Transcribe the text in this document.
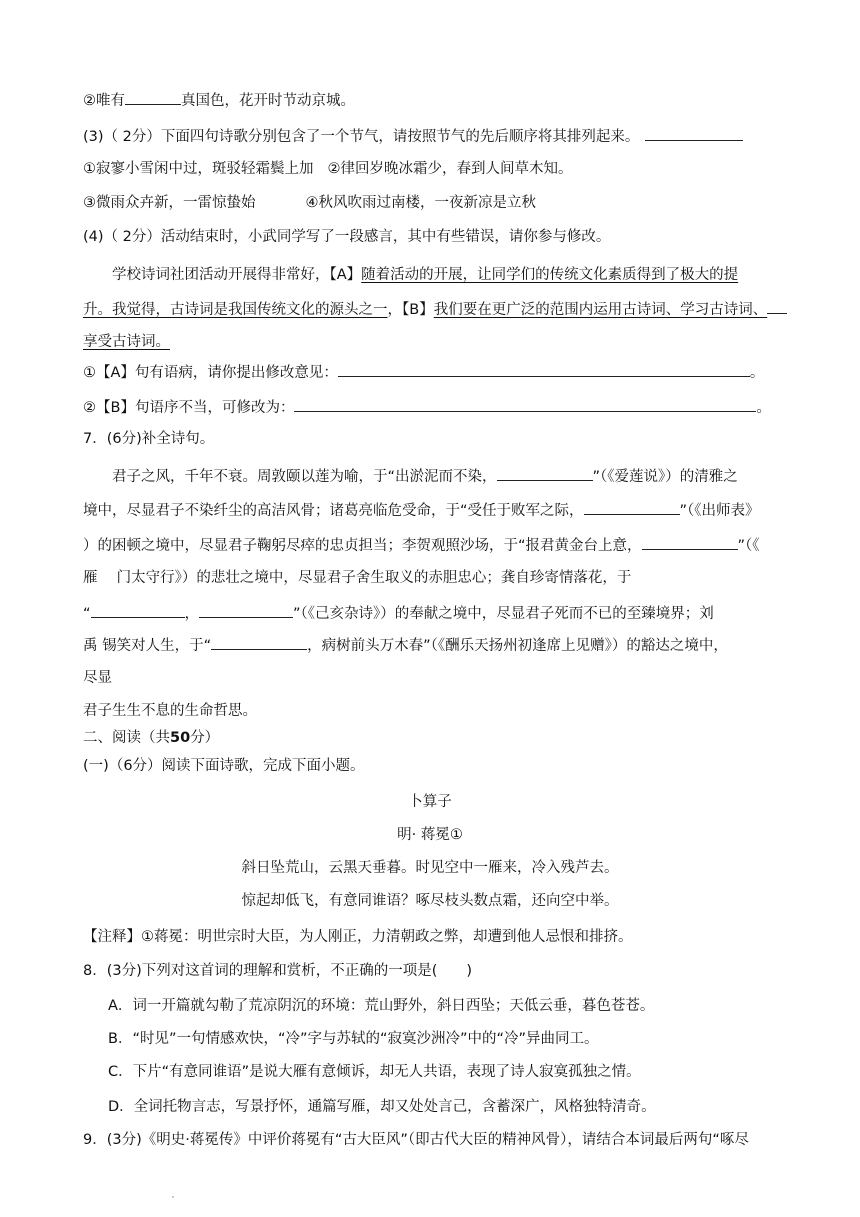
②唯有	真国色，花开时节动京城。
(3)（ 2分）下面四句诗歌分别包含了一个节气，请按照节气的先后顺序将其排列起来。
①寂寥小雪闲中过，斑驳轻霜鬓上加 ②律回岁晚冰霜少，春到人间草木知。
③微雨众卉新，一雷惊蛰始	④秋风吹雨过南楼，一夜新凉是立秋
(4)（ 2分）活动结束时，小武同学写了一段感言，其中有些错误，请你参与修改。
学校诗词社团活动开展得非常好，【A】随着活动的开展，让同学们的传统文化素质得到了极大的提
升。我觉得，古诗词是我国传统文化的源头之一，【B】我们要在更广泛的范围内运用古诗词、学习古诗词、
享受古诗词。
①【A】句有语病，请你提出修改意见：	。
②【B】句语序不当，可修改为：	。
7．(6分)补全诗句。
君子之风，千年不衰。周敦颐以莲为喻，于“出淤泥而不染，	”（《爱莲说》）的清雅之
境中，尽显君子不染纤尘的高洁风骨；诸葛亮临危受命，于“受任于败军之际，	”（《出师表》
）的困顿之境中，尽显君子鞠躬尽瘁的忠贞担当；李贺观照沙场，于“报君黄金台上意，	”（《
雁　 门太守行》）的悲壮之境中，尽显君子舍生取义的赤胆忠心；龚自珍寄情落花，于
“	，	”（《己亥杂诗》）的奉献之境中，尽显君子死而不已的至臻境界；刘
禹 锡笑对人生，于“	，病树前头万木春”（《酬乐天扬州初逢席上见赠》）的豁达之境中，
尽显
君子生生不息的生命哲思。
二、阅读（共50分）
(一)（6分）阅读下面诗歌，完成下面小题。
卜算子
明· 蒋冕①
斜日坠荒山，云黑天垂暮。时见空中一雁来，冷入残芦去。
惊起却低飞，有意同谁语？啄尽枝头数点霜，还向空中举。
【注释】①蒋冕：明世宗时大臣，为人刚正，力清朝政之弊，却遭到他人忌恨和排挤。
8．(3分)下列对这首词的理解和赏析，不正确的一项是(　　)
A．词一开篇就勾勒了荒凉阴沉的环境：荒山野外，斜日西坠；天低云垂，暮色苍苍。
B．“时见”一句情感欢快，“冷”字与苏轼的“寂寞沙洲冷”中的“冷”异曲同工。
C．下片“有意同谁语”是说大雁有意倾诉，却无人共语，表现了诗人寂寞孤独之情。
D．全词托物言志，写景抒怀，通篇写雁，却又处处言己，含蓄深广，风格独特清奇。
9．(3分)《明史·蒋冕传》中评价蒋冕有“古大臣风”（即古代大臣的精神风骨），请结合本词最后两句“啄尽
